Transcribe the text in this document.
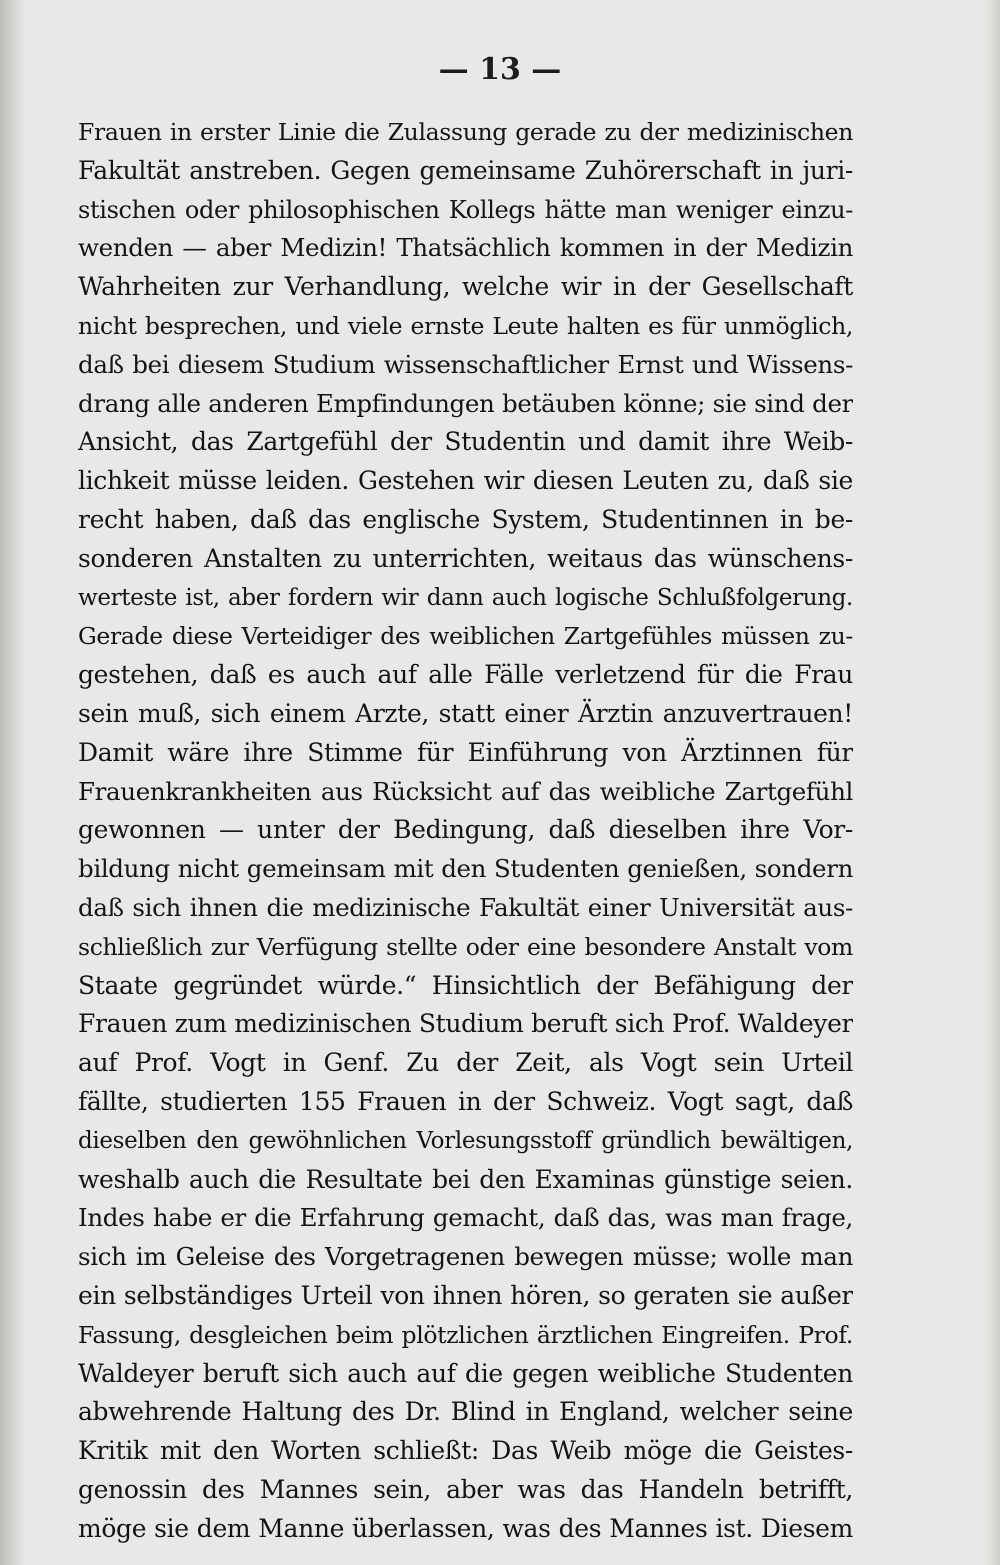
— 13 —

Frauen in erster Linie die Zulassung gerade zu der medizinischen
Fakultät anstreben. Gegen gemeinsame Zuhörerschaft in juri-
stischen oder philosophischen Kollegs hätte man weniger einzu-
wenden — aber Medizin! Thatsächlich kommen in der Medizin
Wahrheiten zur Verhandlung, welche wir in der Gesellschaft
nicht besprechen, und viele ernste Leute halten es für unmöglich,
daß bei diesem Studium wissenschaftlicher Ernst und Wissens-
drang alle anderen Empfindungen betäuben könne; sie sind der
Ansicht, das Zartgefühl der Studentin und damit ihre Weib-
lichkeit müsse leiden. Gestehen wir diesen Leuten zu, daß sie
recht haben, daß das englische System, Studentinnen in be-
sonderen Anstalten zu unterrichten, weitaus das wünschens-
werteste ist, aber fordern wir dann auch logische Schlußfolgerung.
Gerade diese Verteidiger des weiblichen Zartgefühles müssen zu-
gestehen, daß es auch auf alle Fälle verletzend für die Frau
sein muß, sich einem Arzte, statt einer Ärztin anzuvertrauen!
Damit wäre ihre Stimme für Einführung von Ärztinnen für
Frauenkrankheiten aus Rücksicht auf das weibliche Zartgefühl
gewonnen — unter der Bedingung, daß dieselben ihre Vor-
bildung nicht gemeinsam mit den Studenten genießen, sondern
daß sich ihnen die medizinische Fakultät einer Universität aus-
schließlich zur Verfügung stellte oder eine besondere Anstalt vom
Staate gegründet würde.“ Hinsichtlich der Befähigung der
Frauen zum medizinischen Studium beruft sich Prof. Waldeyer
auf Prof. Vogt in Genf. Zu der Zeit, als Vogt sein Urteil
fällte, studierten 155 Frauen in der Schweiz. Vogt sagt, daß
dieselben den gewöhnlichen Vorlesungsstoff gründlich bewältigen,
weshalb auch die Resultate bei den Examinas günstige seien.
Indes habe er die Erfahrung gemacht, daß das, was man frage,
sich im Geleise des Vorgetragenen bewegen müsse; wolle man
ein selbständiges Urteil von ihnen hören, so geraten sie außer
Fassung, desgleichen beim plötzlichen ärztlichen Eingreifen. Prof.
Waldeyer beruft sich auch auf die gegen weibliche Studenten
abwehrende Haltung des Dr. Blind in England, welcher seine
Kritik mit den Worten schließt: Das Weib möge die Geistes-
genossin des Mannes sein, aber was das Handeln betrifft,
möge sie dem Manne überlassen, was des Mannes ist. Diesem
